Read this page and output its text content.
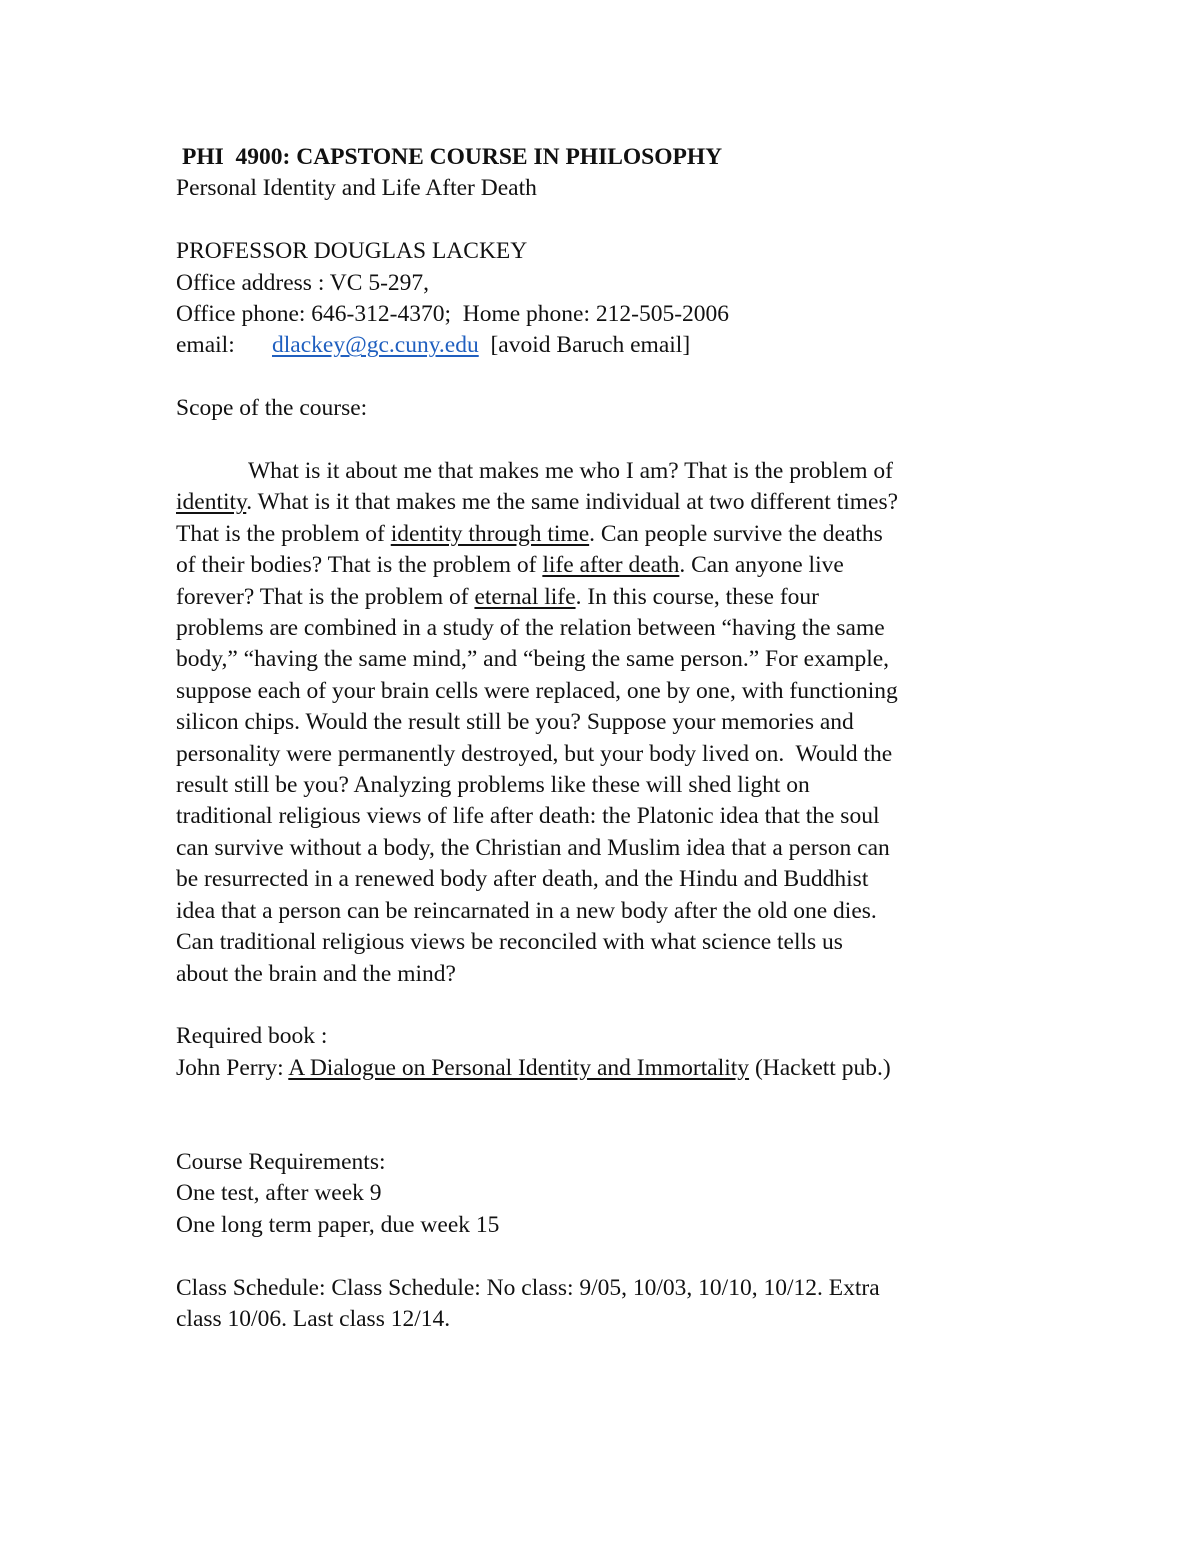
PHI  4900: CAPSTONE COURSE IN PHILOSOPHY
Personal Identity and Life After Death
PROFESSOR DOUGLAS LACKEY
Office address : VC 5-297,
Office phone: 646-312-4370;  Home phone: 212-505-2006
email: dlackey@gc.cuny.edu [avoid Baruch email]
Scope of the course:
What is it about me that makes me who I am? That is the problem of
identity. What is it that makes me the same individual at two different times?
That is the problem of identity through time. Can people survive the deaths
of their bodies? That is the problem of life after death. Can anyone live
forever? That is the problem of eternal life. In this course, these four
problems are combined in a study of the relation between “having the same
body,” “having the same mind,” and “being the same person.” For example,
suppose each of your brain cells were replaced, one by one, with functioning
silicon chips. Would the result still be you? Suppose your memories and
personality were permanently destroyed, but your body lived on.  Would the
result still be you? Analyzing problems like these will shed light on
traditional religious views of life after death: the Platonic idea that the soul
can survive without a body, the Christian and Muslim idea that a person can
be resurrected in a renewed body after death, and the Hindu and Buddhist
idea that a person can be reincarnated in a new body after the old one dies.
Can traditional religious views be reconciled with what science tells us
about the brain and the mind?
Required book :
John Perry: A Dialogue on Personal Identity and Immortality (Hackett pub.)
Course Requirements:
One test, after week 9
One long term paper, due week 15
Class Schedule: Class Schedule: No class: 9/05, 10/03, 10/10, 10/12. Extra
class 10/06. Last class 12/14.
